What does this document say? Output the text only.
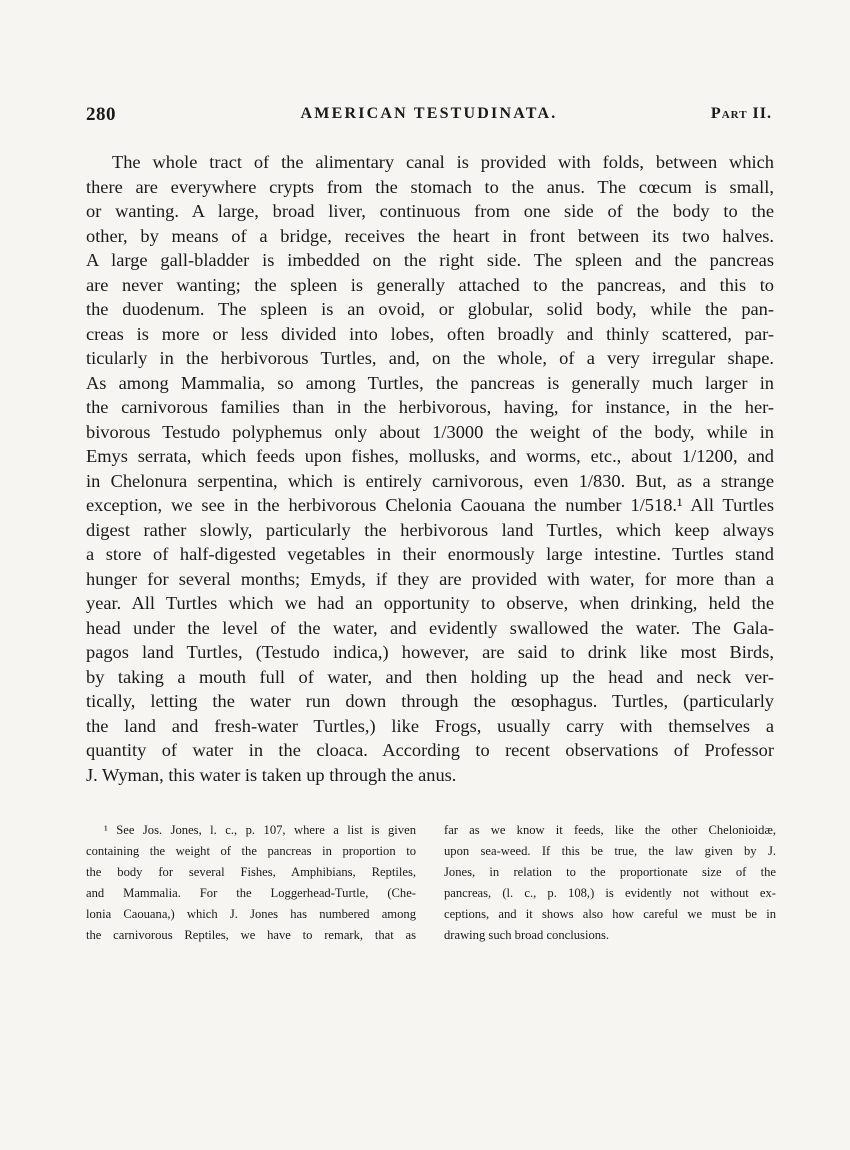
280	AMERICAN TESTUDINATA.	Part II.
The whole tract of the alimentary canal is provided with folds, between which
there are everywhere crypts from the stomach to the anus. The cœcum is small,
or wanting. A large, broad liver, continuous from one side of the body to the
other, by means of a bridge, receives the heart in front between its two halves.
A large gall-bladder is imbedded on the right side. The spleen and the pancreas
are never wanting; the spleen is generally attached to the pancreas, and this to
the duodenum. The spleen is an ovoid, or globular, solid body, while the pan-
creas is more or less divided into lobes, often broadly and thinly scattered, par-
ticularly in the herbivorous Turtles, and, on the whole, of a very irregular shape.
As among Mammalia, so among Turtles, the pancreas is generally much larger in
the carnivorous families than in the herbivorous, having, for instance, in the her-
bivorous Testudo polyphemus only about 1/3000 the weight of the body, while in
Emys serrata, which feeds upon fishes, mollusks, and worms, etc., about 1/1200, and
in Chelonura serpentina, which is entirely carnivorous, even 1/830. But, as a strange
exception, we see in the herbivorous Chelonia Caouana the number 1/518.¹ All Turtles
digest rather slowly, particularly the herbivorous land Turtles, which keep always
a store of half-digested vegetables in their enormously large intestine. Turtles stand
hunger for several months; Emyds, if they are provided with water, for more than a
year. All Turtles which we had an opportunity to observe, when drinking, held the
head under the level of the water, and evidently swallowed the water. The Gala-
pagos land Turtles, (Testudo indica,) however, are said to drink like most Birds,
by taking a mouth full of water, and then holding up the head and neck ver-
tically, letting the water run down through the œsophagus. Turtles, (particularly
the land and fresh-water Turtles,) like Frogs, usually carry with themselves a
quantity of water in the cloaca. According to recent observations of Professor
J. Wyman, this water is taken up through the anus.
¹ See Jos. Jones, l. c., p. 107, where a list is given
containing the weight of the pancreas in proportion to
the body for several Fishes, Amphibians, Reptiles,
and Mammalia. For the Loggerhead-Turtle, (Che-
lonia Caouana,) which J. Jones has numbered among
the carnivorous Reptiles, we have to remark, that as
far as we know it feeds, like the other Chelonioidæ,
upon sea-weed. If this be true, the law given by J.
Jones, in relation to the proportionate size of the
pancreas, (l. c., p. 108,) is evidently not without ex-
ceptions, and it shows also how careful we must be in
drawing such broad conclusions.
